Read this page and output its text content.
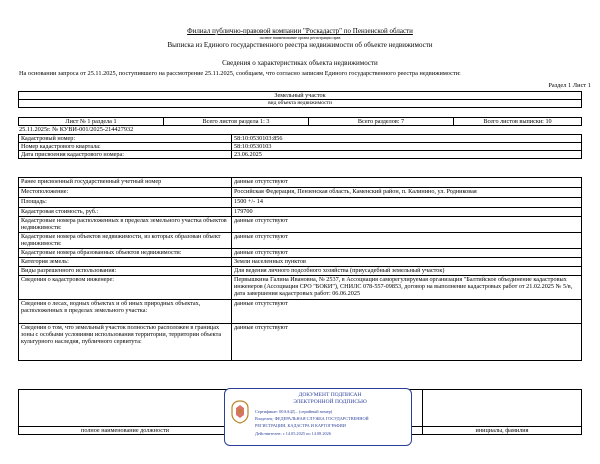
Филиал публично-правовой компании "Роскадастр" по Пензенской области
полное наименование органа регистрации прав
Выписка из Единого государственного реестра недвижимости об объекте недвижимости
Сведения о характеристиках объекта недвижимости
На основании запроса от 25.11.2025, поступившего на рассмотрение 25.11.2025, сообщаем, что согласно записям Единого государственного реестра недвижимости:
Раздел 1 Лист 1
Земельный участок
вид объекта недвижимости
Лист № 1 раздела 1	Всего листов раздела 1: 3	Всего разделов: 7	Всего листов выписки: 10
25.11.2025г. № КУВИ-001/2025-214427932
Кадастровый номер:	58:10:0530103:856
Номер кадастрового квартала:	58:10:0530103
Дата присвоения кадастрового номера:	23.06.2025
Ранее присвоенный государственный учетный номер	данные отсутствуют
Местоположение:	Российская Федерация, Пензенская область, Каменский район, п. Калинино, ул. Родниковая
Площадь:	1500 +/- 14
Кадастровая стоимость, руб.:	179700
Кадастровые номера расположенных в пределах земельного участка объектов недвижимости:	данные отсутствуют
Кадастровые номера объектов недвижимости, из которых образован объект недвижимости:	данные отсутствуют
Кадастровые номера образованных объектов недвижимости:	данные отсутствуют
Категория земель:	Земли населенных пунктов
Виды разрешенного использования:	Для ведения личного подсобного хозяйства (приусадебный земельный участок)
Сведения о кадастровом инженере:	Первышкина Галина Ивановна, № 2537, в Ассоциация саморегулируемая организация "Балтийское объединение кадастровых инженеров (Ассоциация СРО "БОКИ"), СНИЛС 078-557-09853, договор на выполнение кадастровых работ от 21.02.2025 № 5/в, дата завершения кадастровых работ: 06.06.2025
Сведения о лесах, водных объектах и об иных природных объектах, расположенных в пределах земельного участка:	данные отсутствуют
Сведения о том, что земельный участок полностью расположен в границах зоны с особыми условиями использования территории, территории объекта культурного наследия, публичного сервитута:	данные отсутствуют

полное наименование должности		инициалы, фамилия
ДОКУМЕНТ ПОДПИСАН
ЭЛЕКТРОННОЙ ПОДПИСЬЮ
Сертификат: 00АА4Д... (серийный номер)
Владелец: ФЕДЕРАЛЬНАЯ СЛУЖБА ГОСУДАРСТВЕННОЙ
РЕГИСТРАЦИИ, КАДАСТРА И КАРТОГРАФИИ
Действителен: с 14.05.2025 по 14.08.2026
